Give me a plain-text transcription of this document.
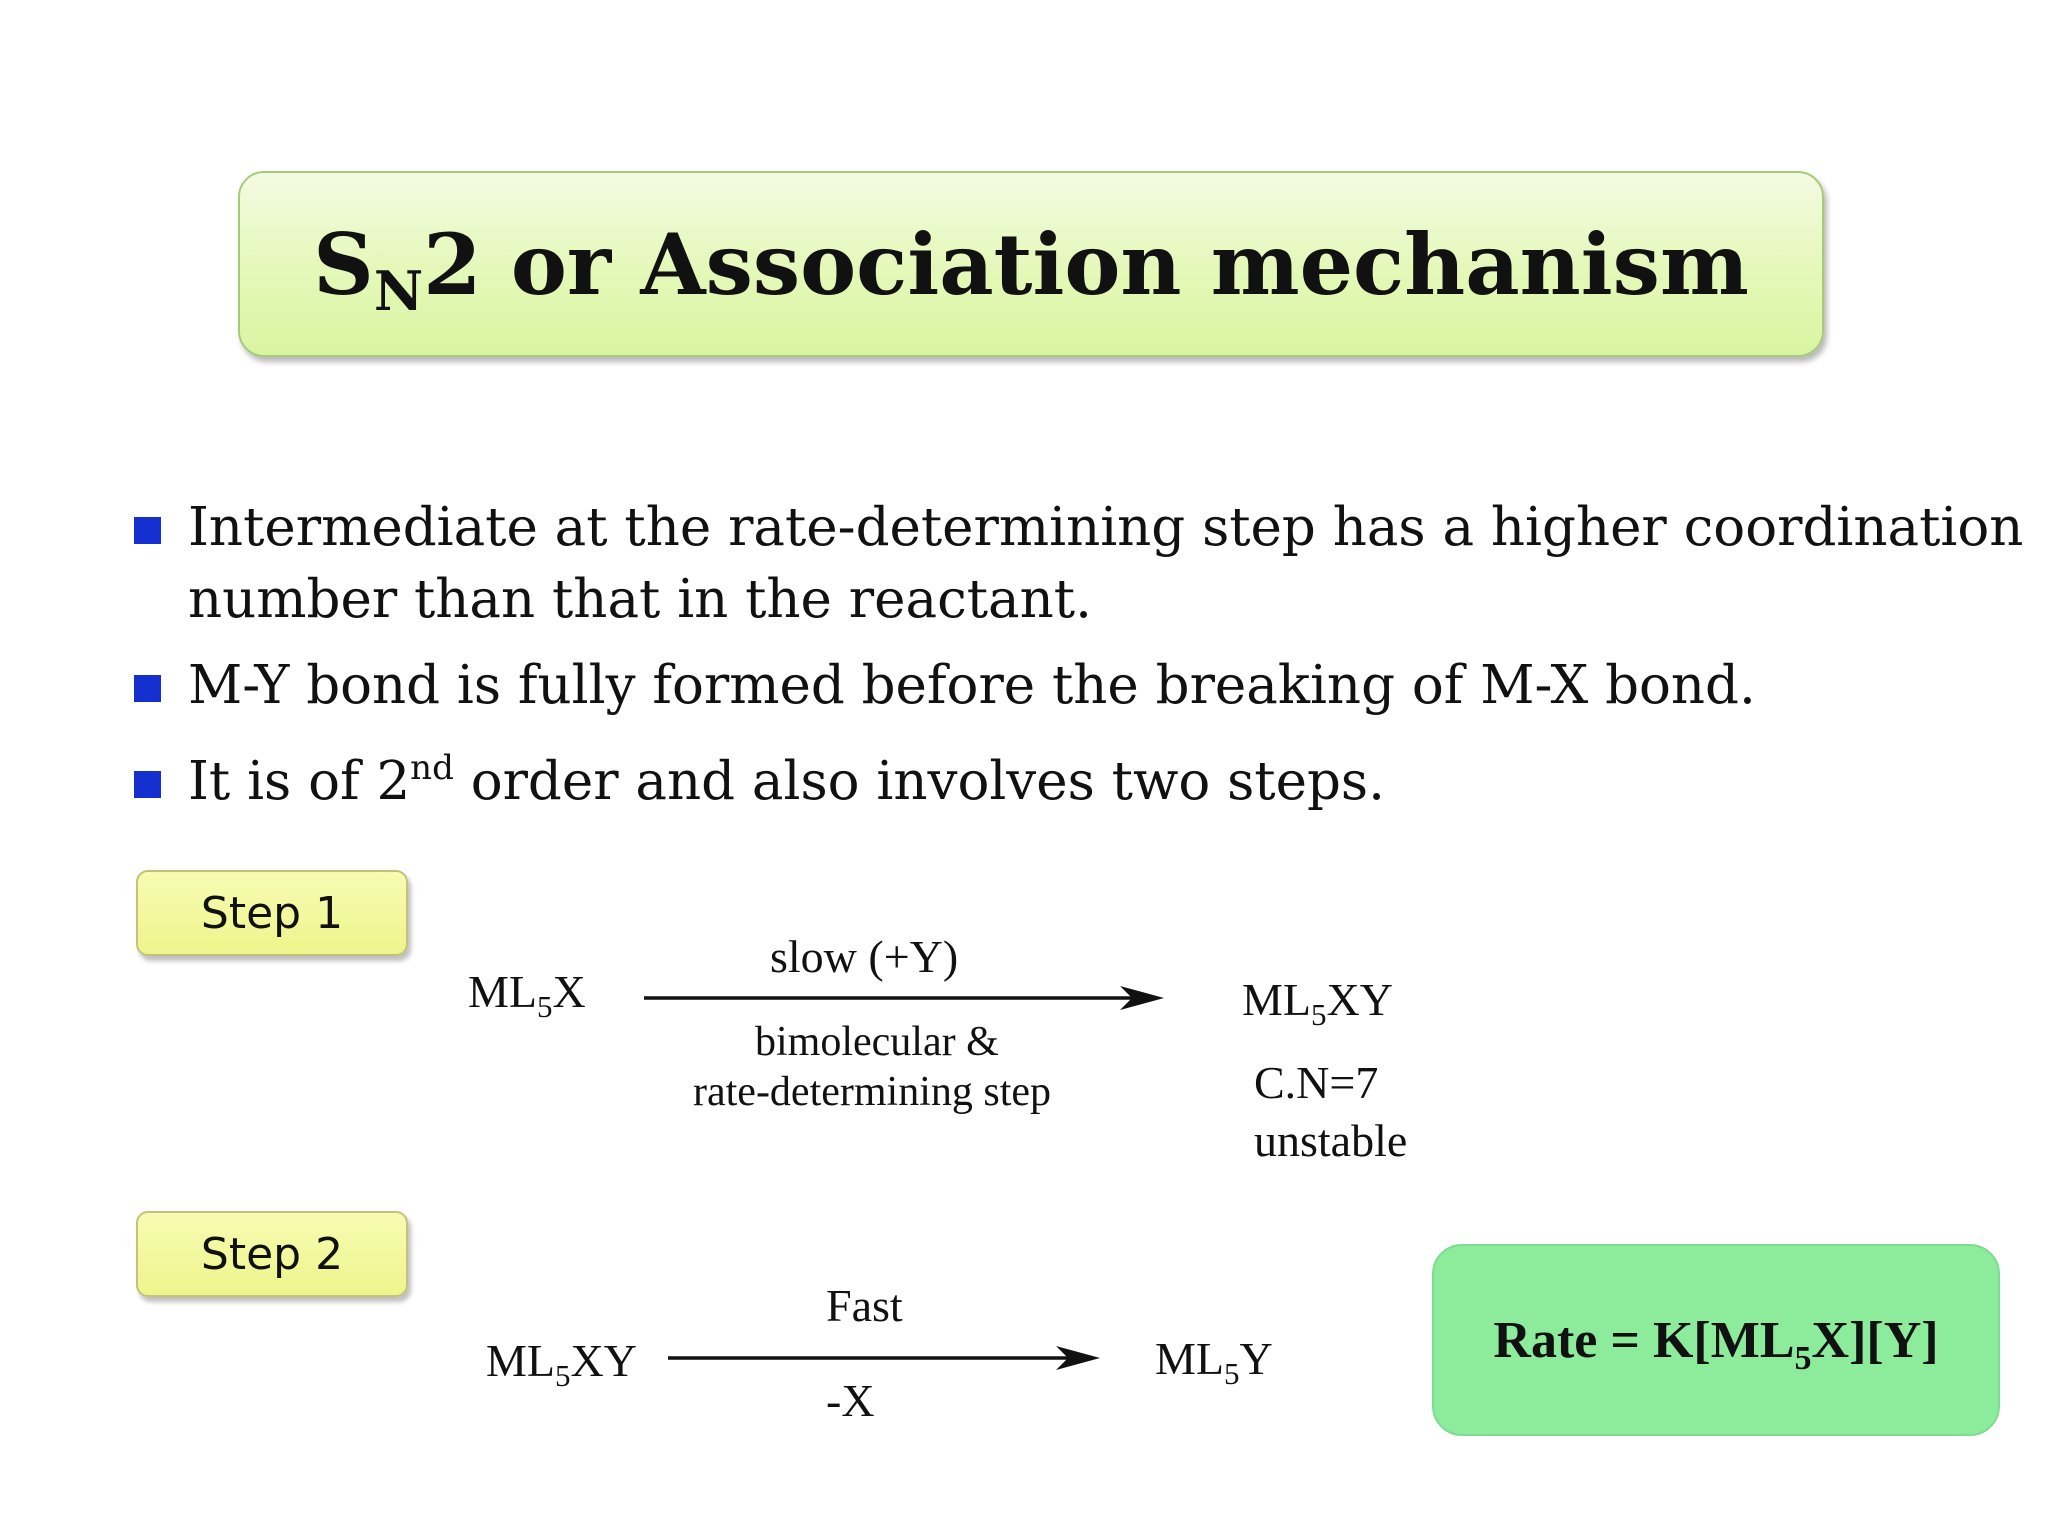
$S_N2$ or Association mechanism
Intermediate at the rate-determining step has a higher coordination
number than that in the reactant.
M-Y bond is fully formed before the breaking of M-X bond.
It is of 2nd order and also involves two steps.
Step 1
Step 2
$ML_5X$
slow (+Y)
bimolecular &
rate-determining step
$ML_5XY$
C.N=7
unstable
$ML_5XY$
Fast
-X
$ML_5Y$	Rate = $K[ML_5X][Y]$
